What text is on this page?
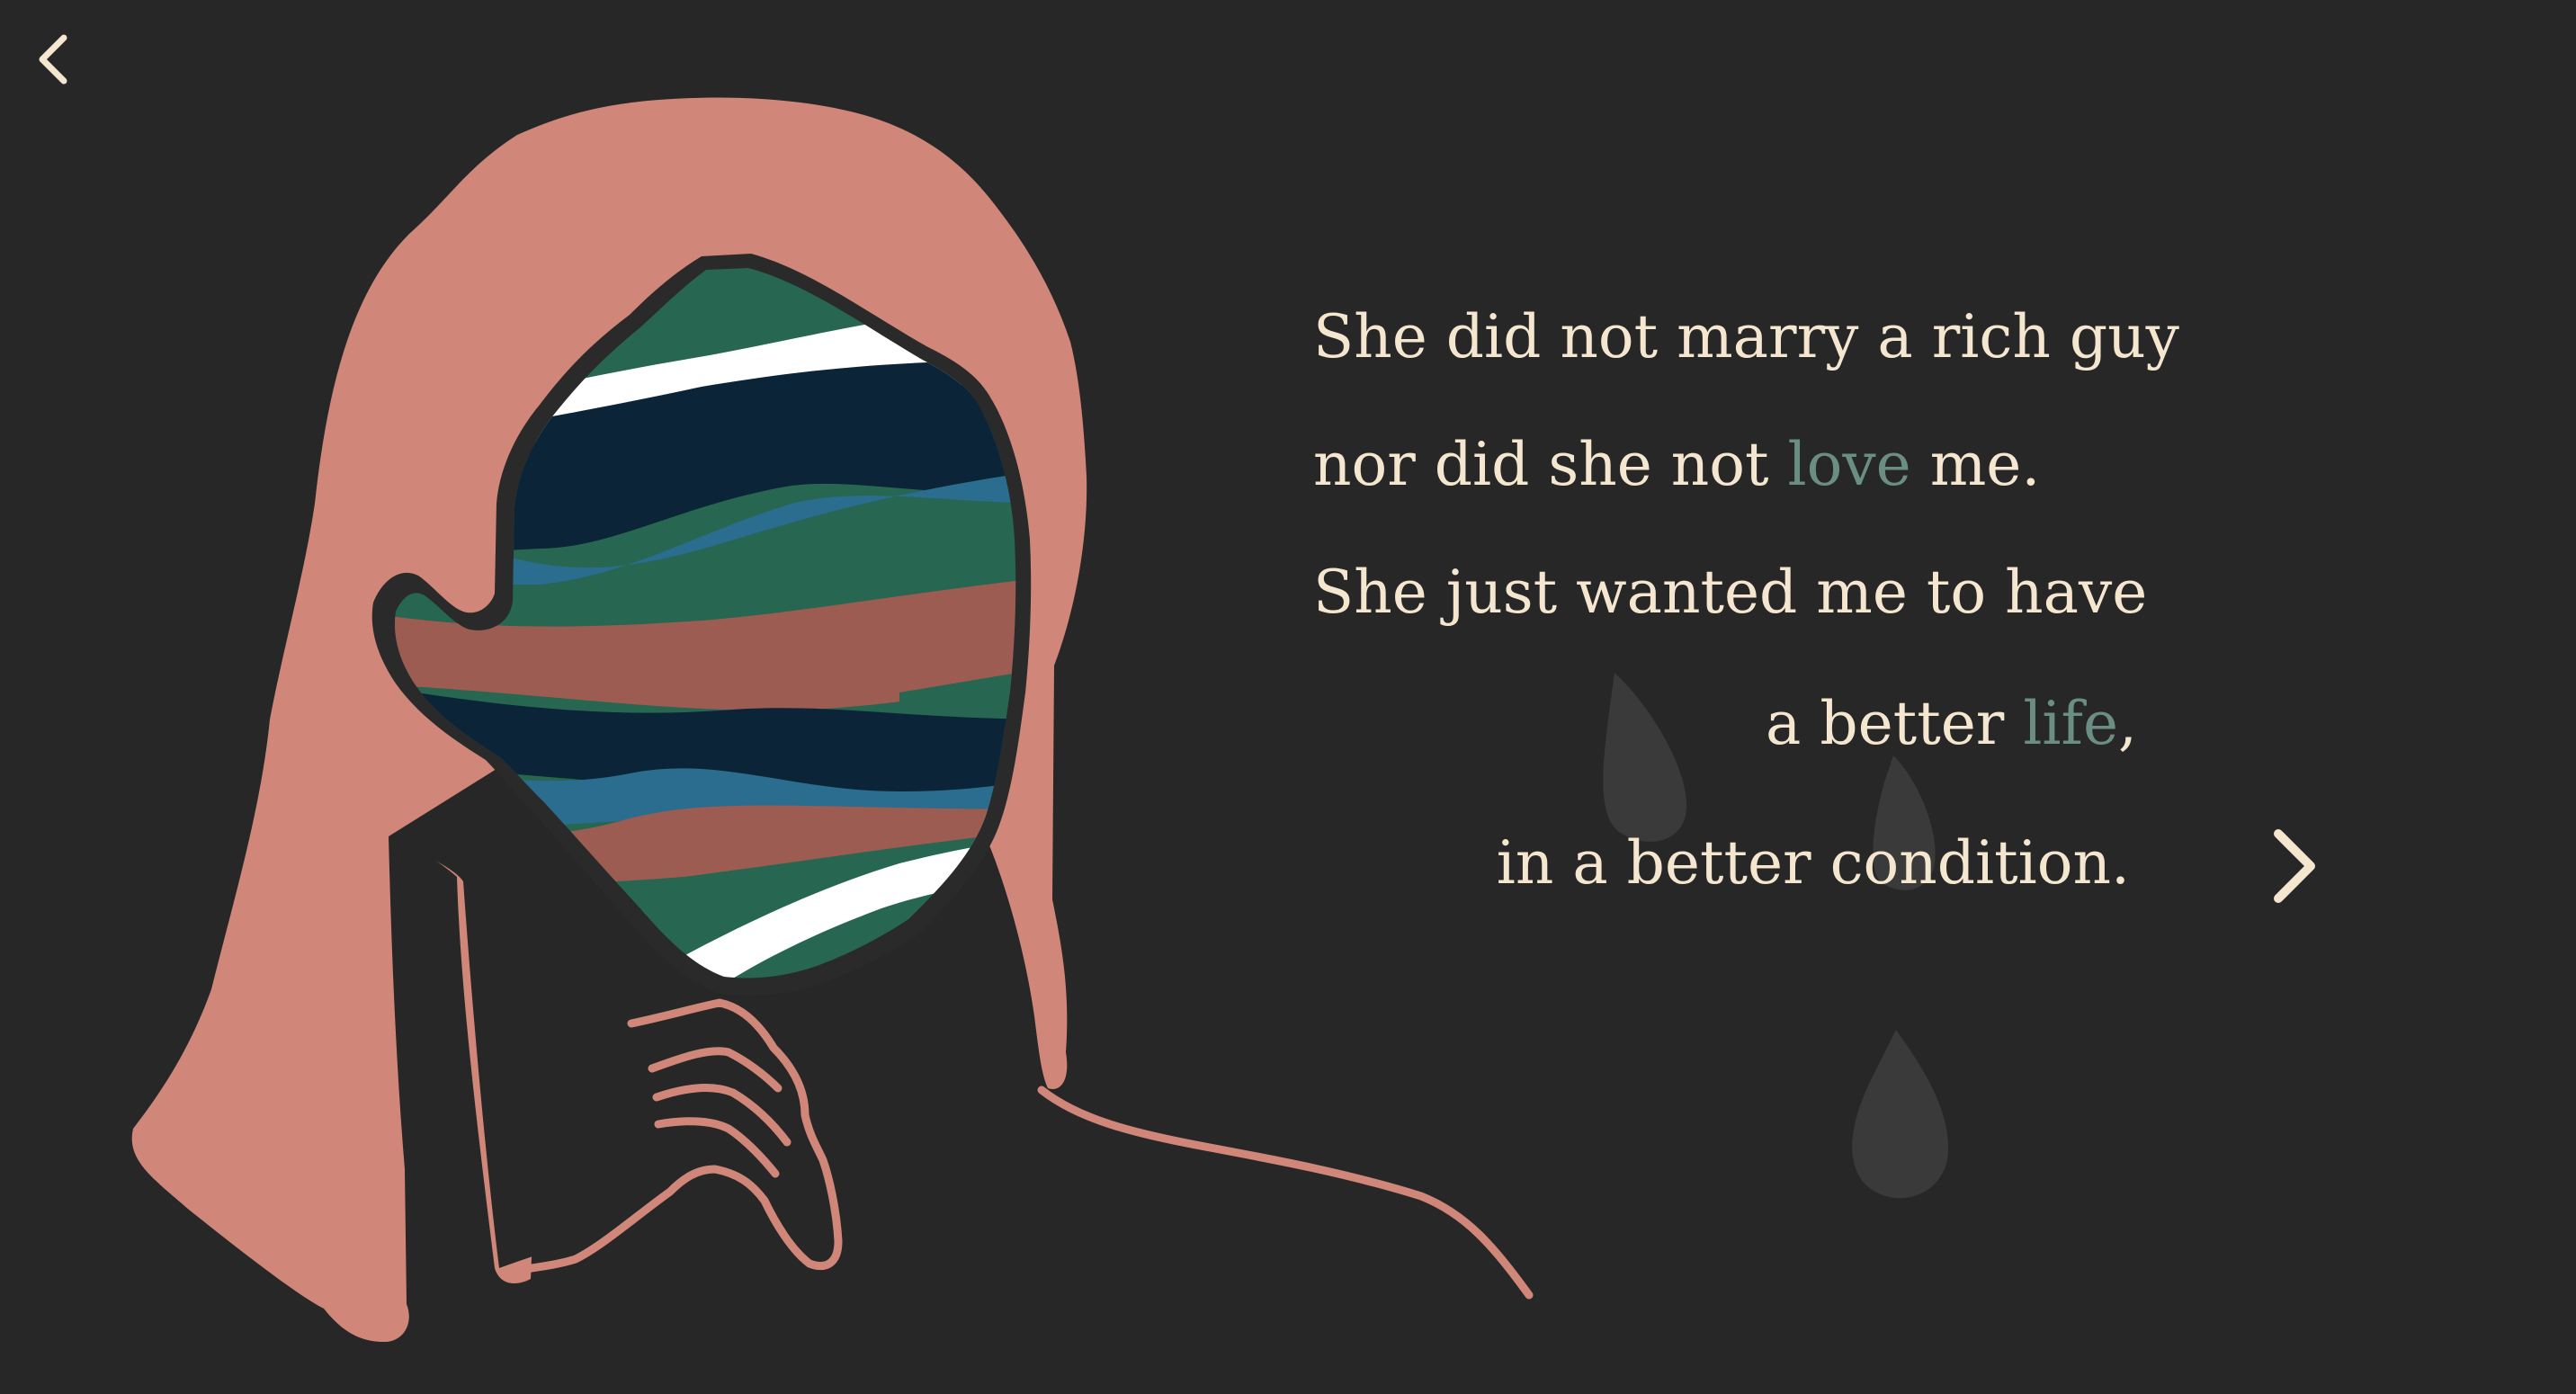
She did not marry a rich guy

nor did she not love me.

She just wanted me to have

a better life,

in a better condition.
